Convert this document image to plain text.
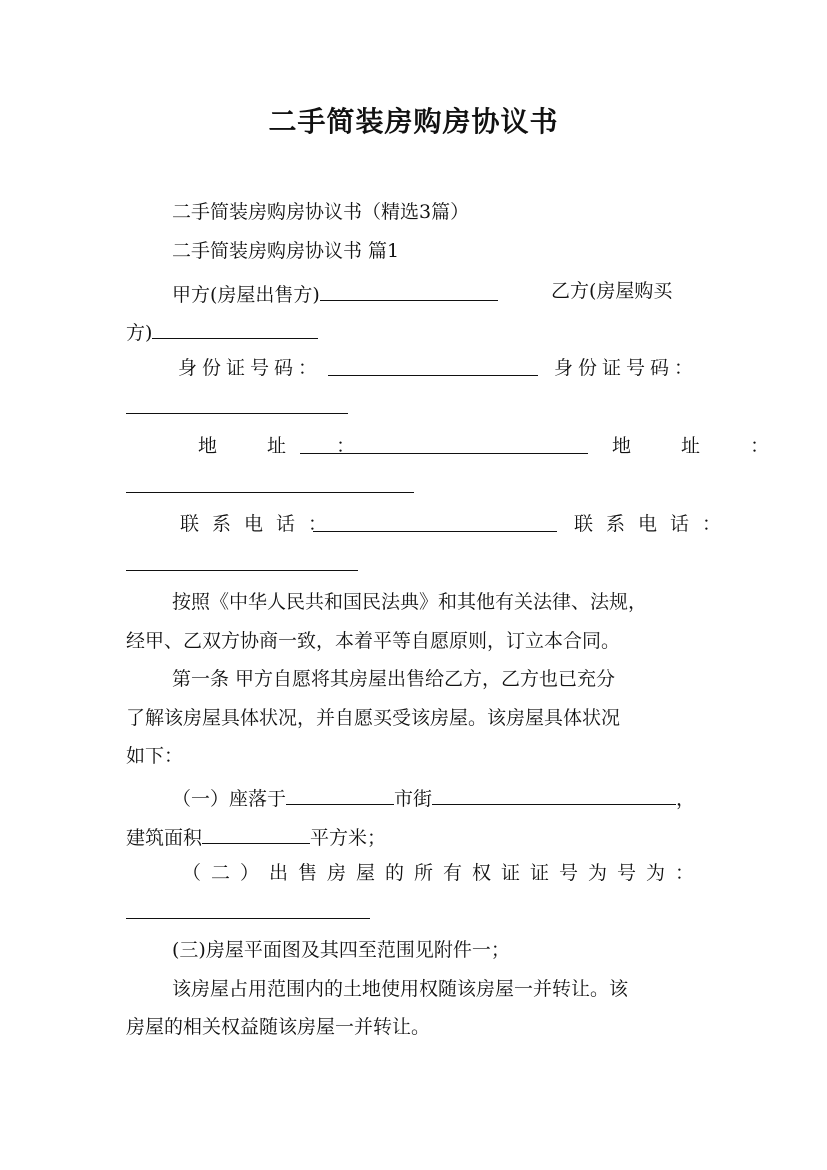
二手简装房购房协议书
二手简装房购房协议书（精选3篇）
二手简装房购房协议书 篇1
甲方(房屋出售方)	乙方(房屋购买
方)
身份证号码：	身份证号码：
地 址 ：	地 址 ：
联系电话：	联系电话：
按照《中华人民共和国民法典》和其他有关法律、法规，
经甲、乙双方协商一致，本着平等自愿原则，订立本合同。
第一条 甲方自愿将其房屋出售给乙方，乙方也已充分
了解该房屋具体状况，并自愿买受该房屋。该房屋具体状况
如下：
（一）座落于	市街	，
建筑面积	平方米；
（二）出售房屋的所有权证证号为号为：
(三)房屋平面图及其四至范围见附件一；
该房屋占用范围内的土地使用权随该房屋一并转让。该
房屋的相关权益随该房屋一并转让。
